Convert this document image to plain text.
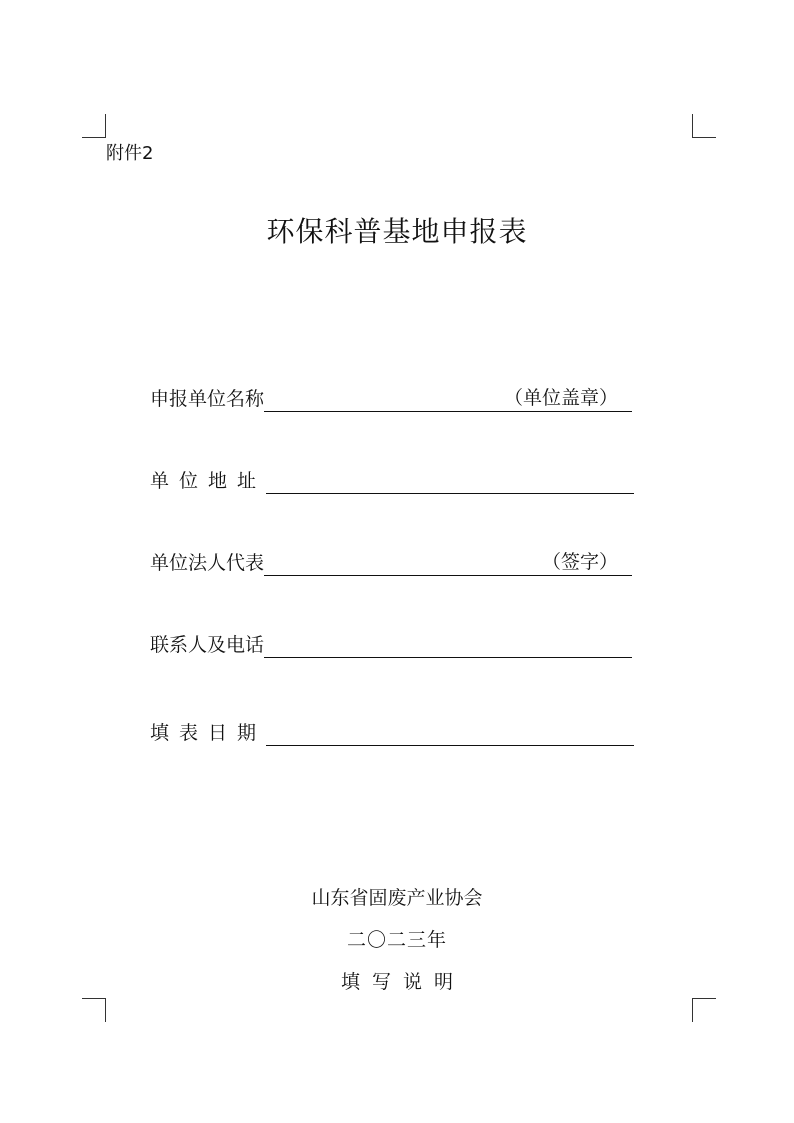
附件2
环保科普基地申报表
申报单位名称	（单位盖章）
单位地址
单位法人代表	（签字）
联系人及电话
填表日期
山东省固废产业协会
二〇二三年
填写说明
